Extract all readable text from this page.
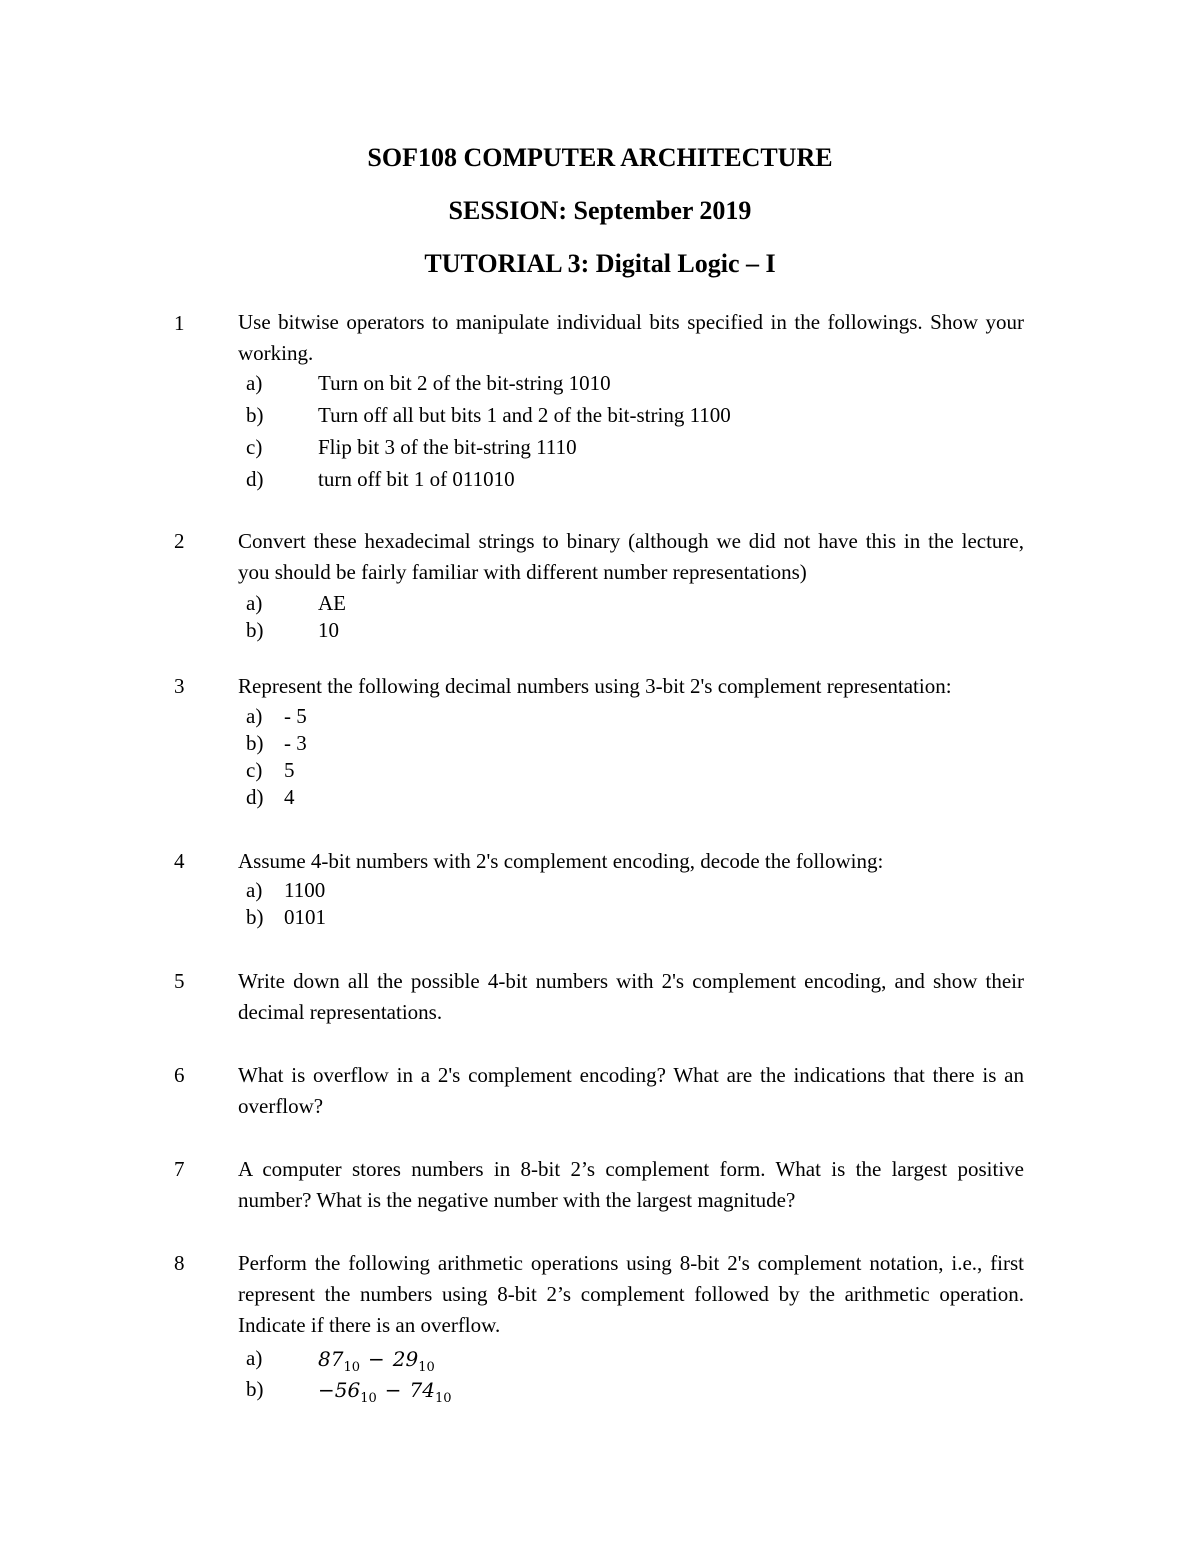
SOF108 COMPUTER ARCHITECTURE
SESSION: September 2019
TUTORIAL 3: Digital Logic – I
1	Use bitwise operators to manipulate individual bits specified in the followings. Show your working.
a)	Turn on bit 2 of the bit-string 1010
b)	Turn off all but bits 1 and 2 of the bit-string 1100
c)	Flip bit 3 of the bit-string 1110
d)	turn off bit 1 of 011010
2	Convert these hexadecimal strings to binary (although we did not have this in the lecture, you should be fairly familiar with different number representations)
a)	AE
b)	10
3	Represent the following decimal numbers using 3-bit 2's complement representation:
a) - 5
b) - 3
c) 5
d) 4
4	Assume 4-bit numbers with 2's complement encoding, decode the following:
a) 1100
b) 0101
5	Write down all the possible 4-bit numbers with 2's complement encoding, and show their decimal representations.
6	What is overflow in a 2's complement encoding? What are the indications that there is an overflow?
7	A computer stores numbers in 8-bit 2’s complement form. What is the largest positive number? What is the negative number with the largest magnitude?
8	Perform the following arithmetic operations using 8-bit 2's complement notation, i.e., first represent the numbers using 8-bit 2’s complement followed by the arithmetic operation. Indicate if there is an overflow.
a)	$87_{10} - 29_{10}$
b)	$-56_{10} - 74_{10}$
